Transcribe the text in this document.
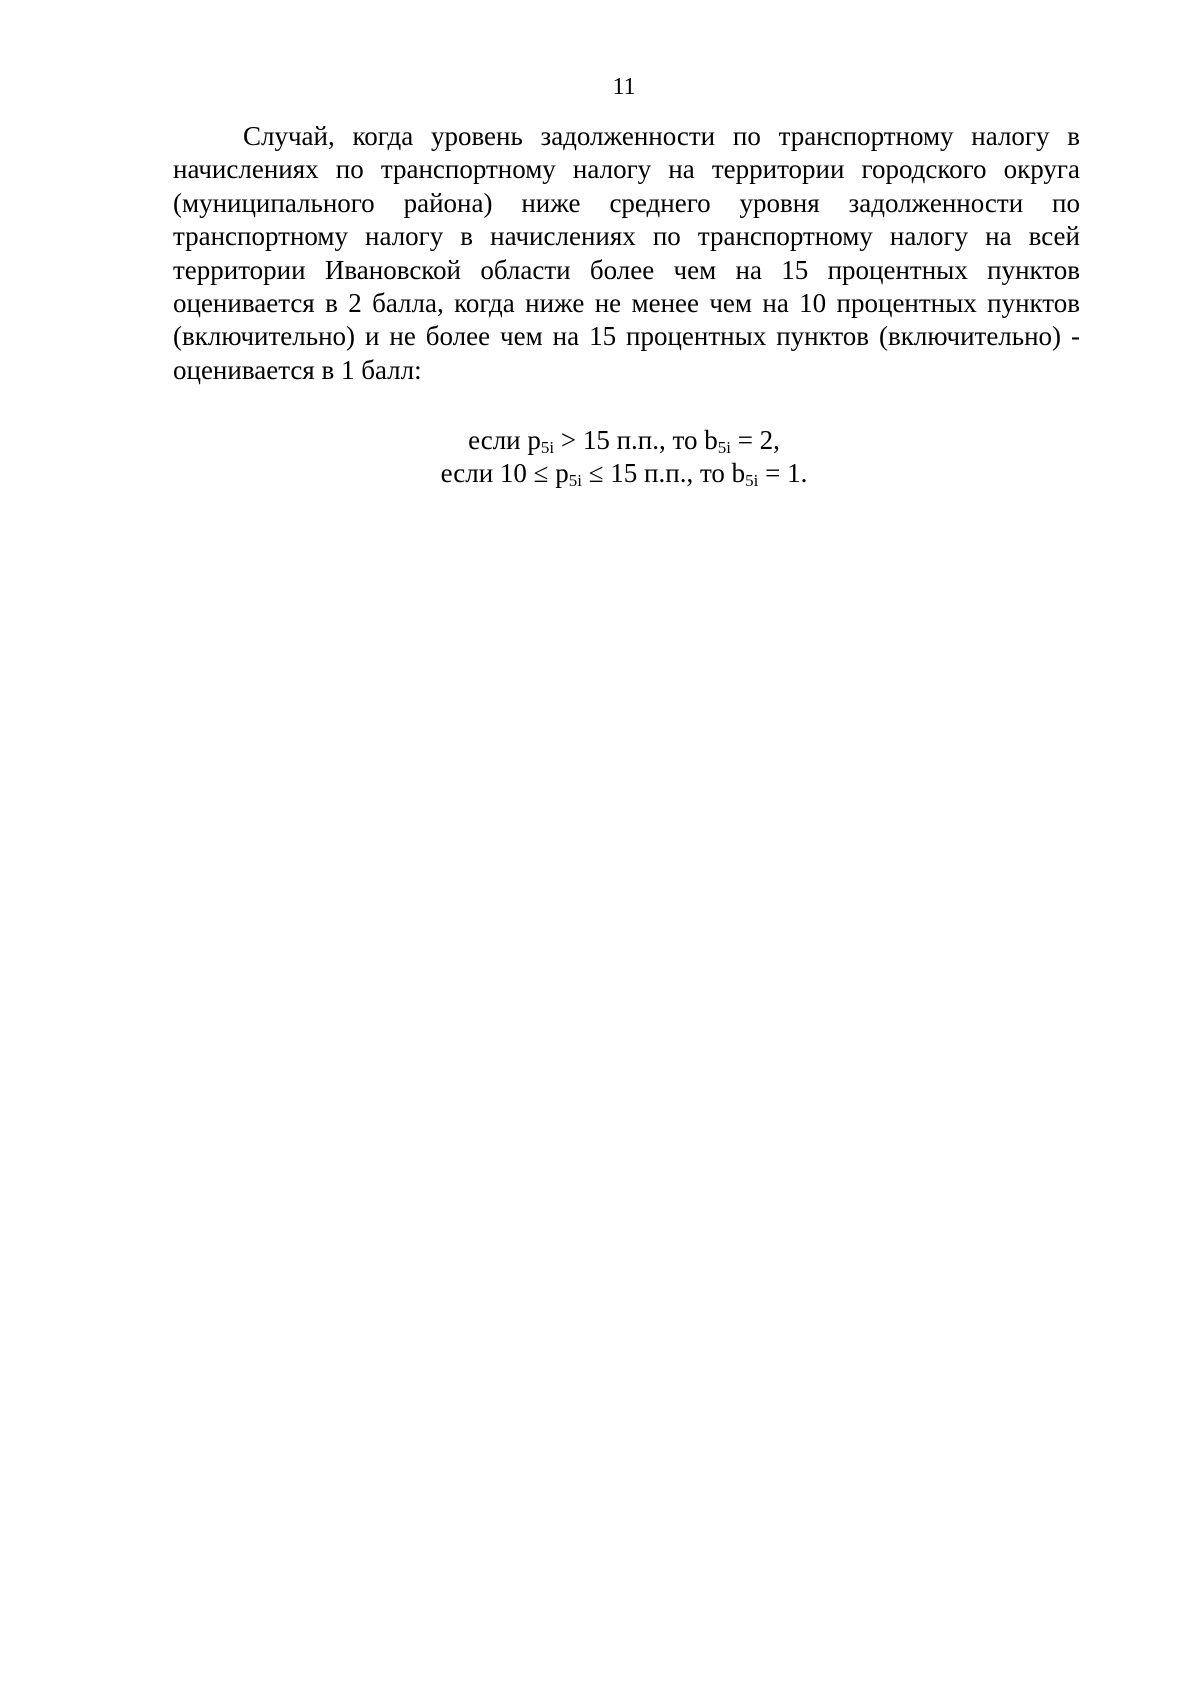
11

Случай, когда уровень задолженности по транспортному налогу в начислениях по транспортному налогу на территории городского округа (муниципального района) ниже среднего уровня задолженности по транспортному налогу в начислениях по транспортному налогу на всей территории Ивановской области более чем на 15 процентных пунктов оценивается в 2 балла, когда ниже не менее чем на 10 процентных пунктов (включительно) и не более чем на 15 процентных пунктов (включительно) - оценивается в 1 балл:

если $p_{5i} > 15$ п.п., то $b_{5i} = 2$,
если $10 \le p_{5i} \le 15$ п.п., то $b_{5i} = 1$.
